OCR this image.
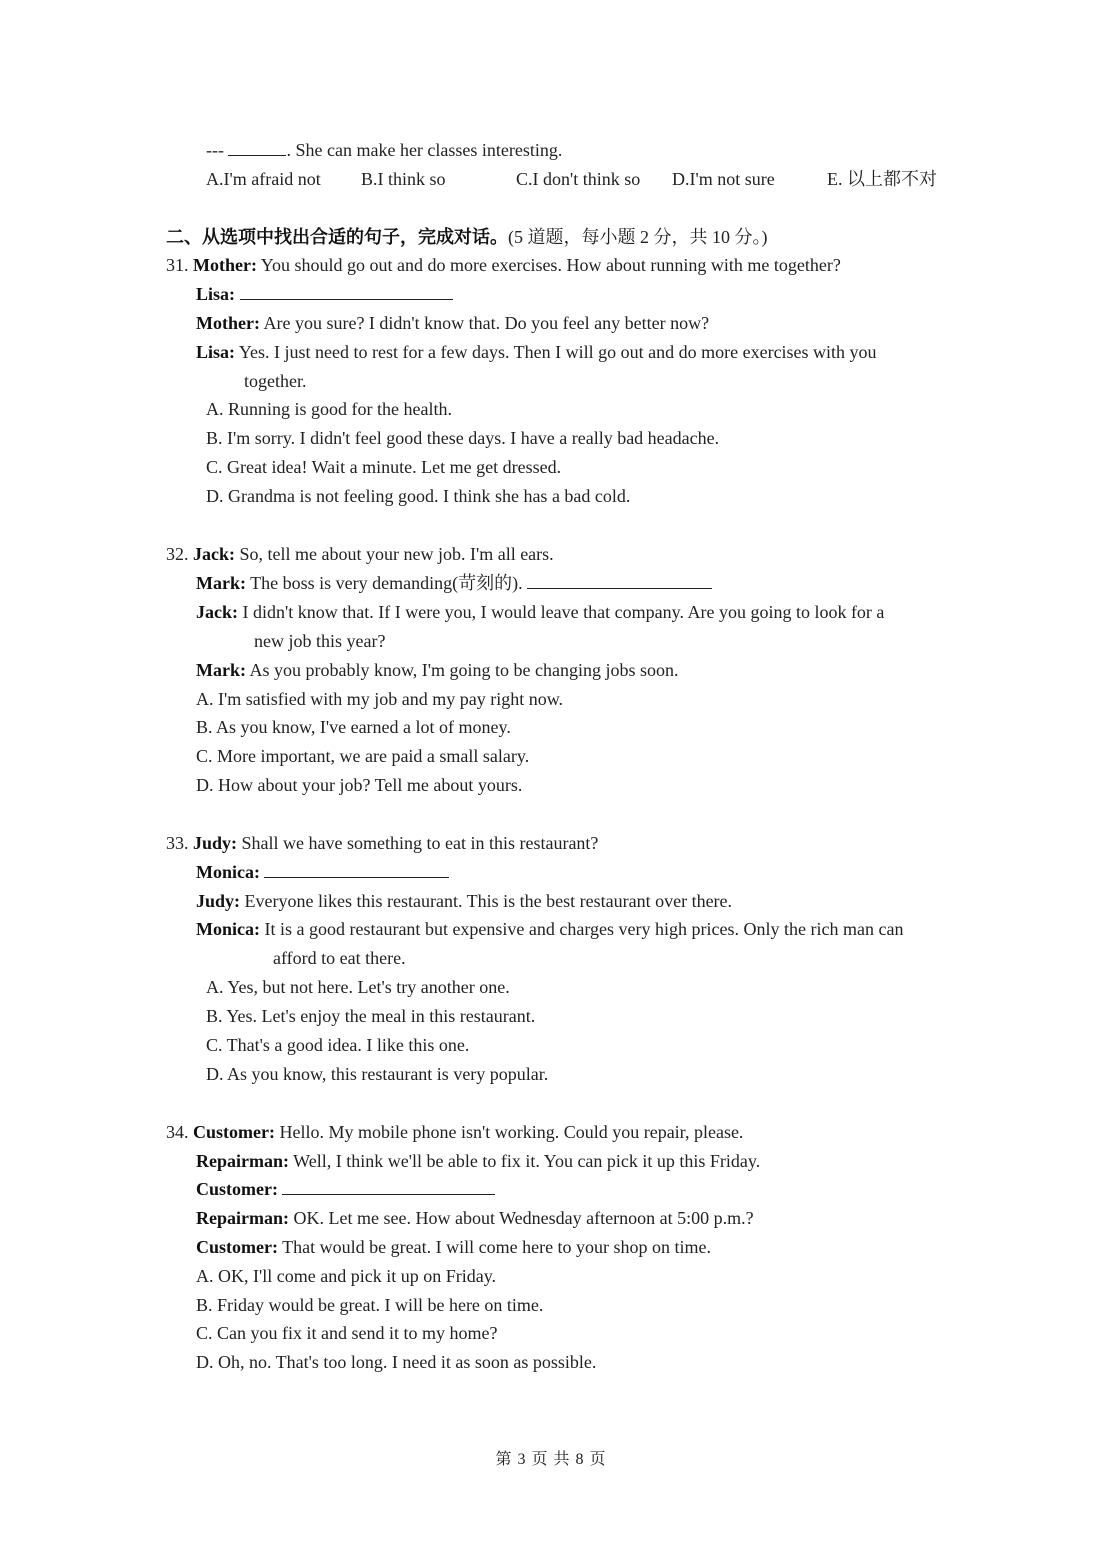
---	. She can make her classes interesting.
A.I'm afraid not B.I think so	C.I don't think so D.I'm not sure	E. 以上都不对
二、从选项中找出合适的句子，完成对话。(5 道题，每小题 2 分，共 10 分。)
31. Mother: You should go out and do more exercises. How about running with me together?
Lisa:
Mother: Are you sure? I didn't know that. Do you feel any better now?
Lisa: Yes. I just need to rest for a few days. Then I will go out and do more exercises with you
together.
A. Running is good for the health.
B. I'm sorry. I didn't feel good these days. I have a really bad headache.
C. Great idea! Wait a minute. Let me get dressed.
D. Grandma is not feeling good. I think she has a bad cold.
32. Jack: So, tell me about your new job. I'm all ears.
Mark: The boss is very demanding(苛刻的).
Jack: I didn't know that. If I were you, I would leave that company. Are you going to look for a
new job this year?
Mark: As you probably know, I'm going to be changing jobs soon.
A. I'm satisfied with my job and my pay right now.
B. As you know, I've earned a lot of money.
C. More important, we are paid a small salary.
D. How about your job? Tell me about yours.
33. Judy: Shall we have something to eat in this restaurant?
Monica:
Judy: Everyone likes this restaurant. This is the best restaurant over there.
Monica: It is a good restaurant but expensive and charges very high prices. Only the rich man can
afford to eat there.
A. Yes, but not here. Let's try another one.
B. Yes. Let's enjoy the meal in this restaurant.
C. That's a good idea. I like this one.
D. As you know, this restaurant is very popular.
34. Customer: Hello. My mobile phone isn't working. Could you repair, please.
Repairman: Well, I think we'll be able to fix it. You can pick it up this Friday.
Customer:
Repairman: OK. Let me see. How about Wednesday afternoon at 5:00 p.m.?
Customer: That would be great. I will come here to your shop on time.
A. OK, I'll come and pick it up on Friday.
B. Friday would be great. I will be here on time.
C. Can you fix it and send it to my home?
D. Oh, no. That's too long. I need it as soon as possible.
第 3 页 共 8 页
